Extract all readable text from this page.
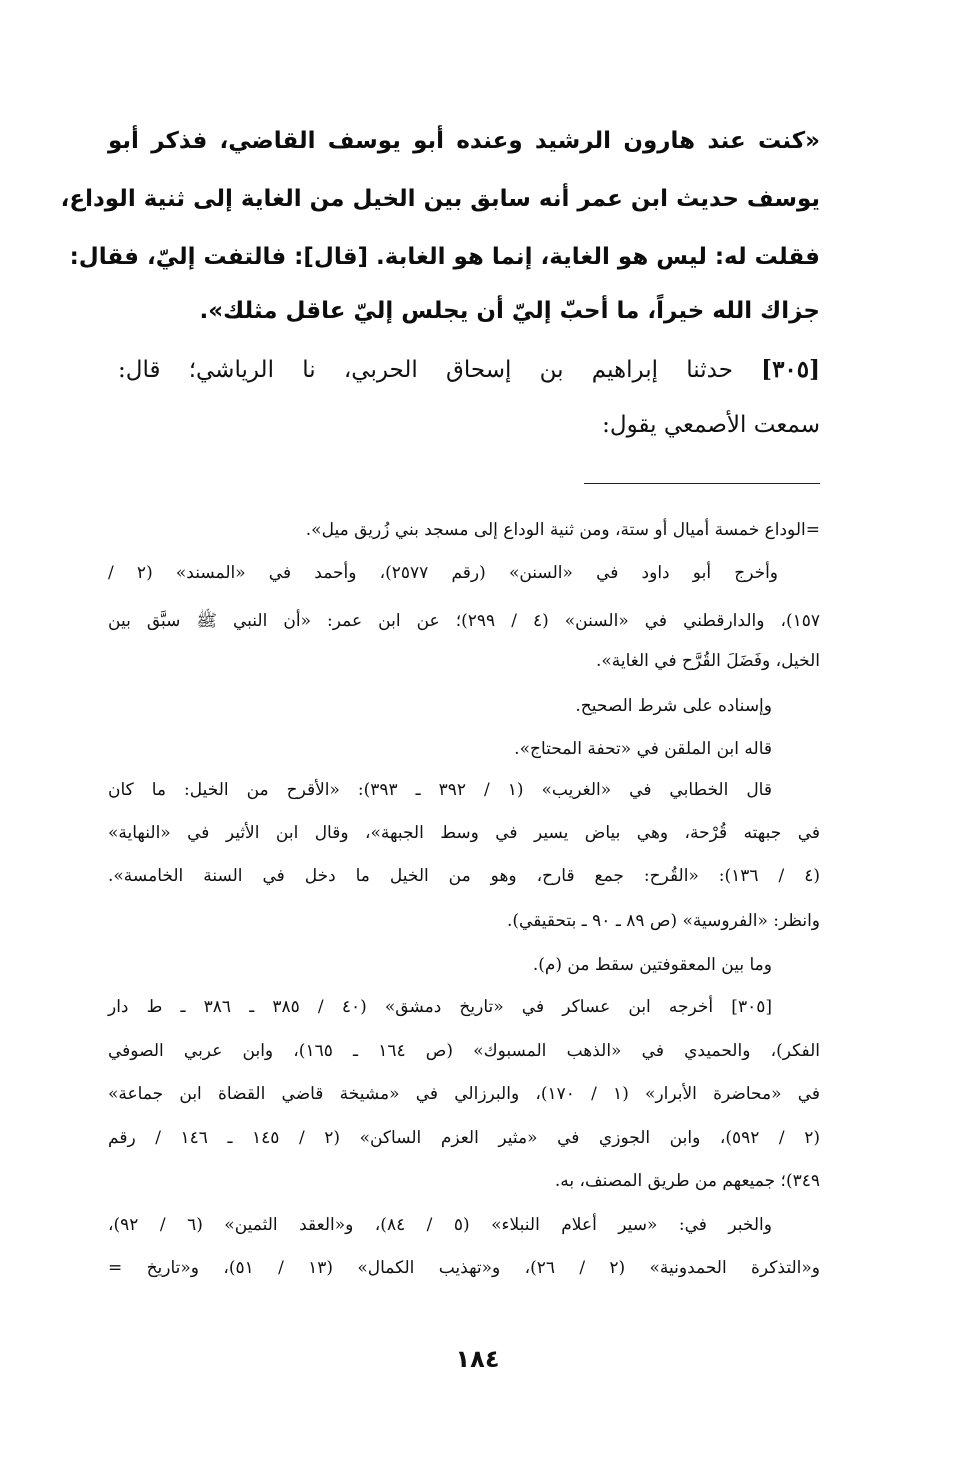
«كنت عند هارون الرشيد وعنده أبو يوسف القاضي، فذكر أبو
يوسف حديث ابن عمر أنه سابق بين الخيل من الغاية إلى ثنية الوداع،
فقلت له: ليس هو الغاية، إنما هو الغابة. [قال]: فالتفت إليّ، فقال:
جزاك الله خيراً، ما أحبّ إليّ أن يجلس إليّ عاقل مثلك».
[٣٠٥] حدثنا إبراهيم بن إسحاق الحربي، نا الرياشي؛ قال:
سمعت الأصمعي يقول:
=الوداع خمسة أميال أو ستة، ومن ثنية الوداع إلى مسجد بني زُريق ميل».
وأخرج أبو داود في «السنن» (رقم ٢٥٧٧)، وأحمد في «المسند» (٢ /
١٥٧)، والدارقطني في «السنن» (٤ / ٢٩٩)؛ عن ابن عمر: «أن النبي ﷺ سبَّق بين
الخيل، وفَضَلَ القُرَّح في الغاية».
وإسناده على شرط الصحيح.
قاله ابن الملقن في «تحفة المحتاج».
قال الخطابي في «الغريب» (١ / ٣٩٢ ـ ٣٩٣): «الأقرح من الخيل: ما كان
في جبهته قُرْحة، وهي بياض يسير في وسط الجبهة»، وقال ابن الأثير في «النهاية»
(٤ / ١٣٦): «القُرح: جمع قارح، وهو من الخيل ما دخل في السنة الخامسة».
وانظر: «الفروسية» (ص ٨٩ ـ ٩٠ ـ بتحقيقي).
وما بين المعقوفتين سقط من (م).
[٣٠٥] أخرجه ابن عساكر في «تاريخ دمشق» (٤٠ / ٣٨٥ ـ ٣٨٦ ـ ط دار
الفكر)، والحميدي في «الذهب المسبوك» (ص ١٦٤ ـ ١٦٥)، وابن عربي الصوفي
في «محاضرة الأبرار» (١ / ١٧٠)، والبرزالي في «مشيخة قاضي القضاة ابن جماعة»
(٢ / ٥٩٢)، وابن الجوزي في «مثير العزم الساكن» (٢ / ١٤٥ ـ ١٤٦ / رقم
٣٤٩)؛ جميعهم من طريق المصنف، به.
والخبر في: «سير أعلام النبلاء» (٥ / ٨٤)، و«العقد الثمين» (٦ / ٩٢)،
و«التذكرة الحمدونية» (٢ / ٢٦)، و«تهذيب الكمال» (١٣ / ٥١)، و«تاريخ =
١٨٤
